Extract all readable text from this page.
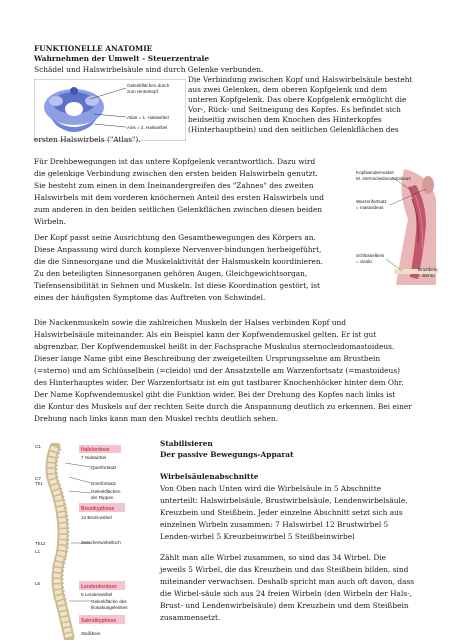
FUNKTIONELLE ANATOMIE
Wahrnehmen der Umwelt - Steuerzentrale
Schädel und Halswirbelsäule sind durch Gelenke verbunden.
Gelenkflächen durch
zum Hinterkopf
Atlas = 1. Halswirbel
Axis = 2. Halswirbel
Die Verbindung zwischen Kopf und Halswirbelsäule besteht
aus zwei Gelenken, dem oberen Kopfgelenk und dem
unteren Kopfgelenk. Das obere Kopfgelenk ermöglicht die
Vor-, Rück- und Seitneigung des Kopfes. Es befindet sich
beidseitig zwischen dem Knochen des Hinterkopfes
(Hinterhauptbein) und den seitlichen Gelenkflächen des
ersten Halswirbels ("Atlas").
Für Drehbewegungen ist das untere Kopfgelenk verantwortlich. Dazu wird
die gelenkige Verbindung zwischen den ersten beiden Halswirbeln genutzt.
Sie besteht zum einen in dem Ineinandergreifen des "Zahnes" des zweiten
Halswirbels mit dem vorderen knöchernen Anteil des ersten Halswirbels und
zum anderen in den beiden seitlichen Gelenkflächen zwischen diesen beiden
Wirbeln.
Kopfwendemuskel
M. sternocleidomastoideus
Warzenfortsatz
= mastoideus
Schlüsselbein
= cleido
Brustbein
= sterno
Der Kopf passt seine Ausrichtung den Gesamtbewegungen des Körpers an.
Diese Anpassung wird durch komplexe Nervenver-bindungen herbeigeführt,
die die Sinnesorgane und die Muskelaktivität der Halsmuskeln koordinieren.
Zu den beteiligten Sinnesorganen gehören Augen, Gleichgewichtsorgan,
Tiefensensibilität in Sehnen und Muskeln. Ist diese Koordination gestört, ist
eines der häufigsten Symptome das Auftreten von Schwindel.
Die Nackenmuskeln sowie die zahlreichen Muskeln der Halses verbinden Kopf und
Halswirbelsäule miteinander. Als ein Beispiel kann der Kopfwendemuskel gelten. Er ist gut
abgrenzbar. Der Kopfwendemuskel heißt in der Fachsprache Muskulus sternocleidomastoideus.
Dieser lange Name gibt eine Beschreibung der zweigeteilten Ursprungssehne am Brustbein
(=sterno) und am Schlüsselbein (=cleido) und der Ansatzstelle am Warzenfortsatz (=mastoideus)
des Hinterhauptes wider. Der Warzenfortsatz ist ein gut tastbarer Knochenhöcker hinter dem Ohr.
Der Name Kopfwendemuskel gibt die Funktion wider. Bei der Drehung des Kopfes nach links ist
die Kontur des Muskels auf der rechten Seite durch die Anspannung deutlich zu erkennen. Bei einer
Drehung nach links kann man den Muskel rechts deutlich sehen.
C1
C7
Th1
Th12
L1
L5
Halslordose
7 Halswirbel
Querfortsatz
Dornfortsatz
Gelenkflächen
der Rippen
Brustkyphose
12 Brust-wirbel
Zwischenwirbelloch
Lendenlordose
5 Lendenwirbel
Gelenkfläche des
Iliosakralgelenkes
Sakralkyphose
Steißbein
Stabilisieren
Der passive Bewegungs-Apparat
Wirbelsäulenabschnitte
Von Oben nach Unten wird die Wirbelsäule in 5 Abschnitte
unterteilt: Halswirbelsäule, Brustwirbelsäule, Lendenwirbelsäule,
Kreuzbein und Steißbein. Jeder einzelne Abschnitt setzt sich aus
einzelnen Wirbeln zusammen: 7 Halswirbel 12 Brustwirbel 5
Lenden-wirbel 5 Kreuzbeinwirbel 5 Steißbeinwirbel
Zählt man alle Wirbel zusammen, so sind das 34 Wirbel. Die
jeweils 5 Wirbel, die das Kreuzbein und das Steißbein bilden, sind
miteinander verwachsen. Deshalb spricht man auch oft davon, dass
die Wirbel-säule sich aus 24 freien Wirbeln (den Wirbeln der Hals-,
Brust- und Lendenwirbelsäule) dem Kreuzbein und dem Steißbein
zusammensetzt.
